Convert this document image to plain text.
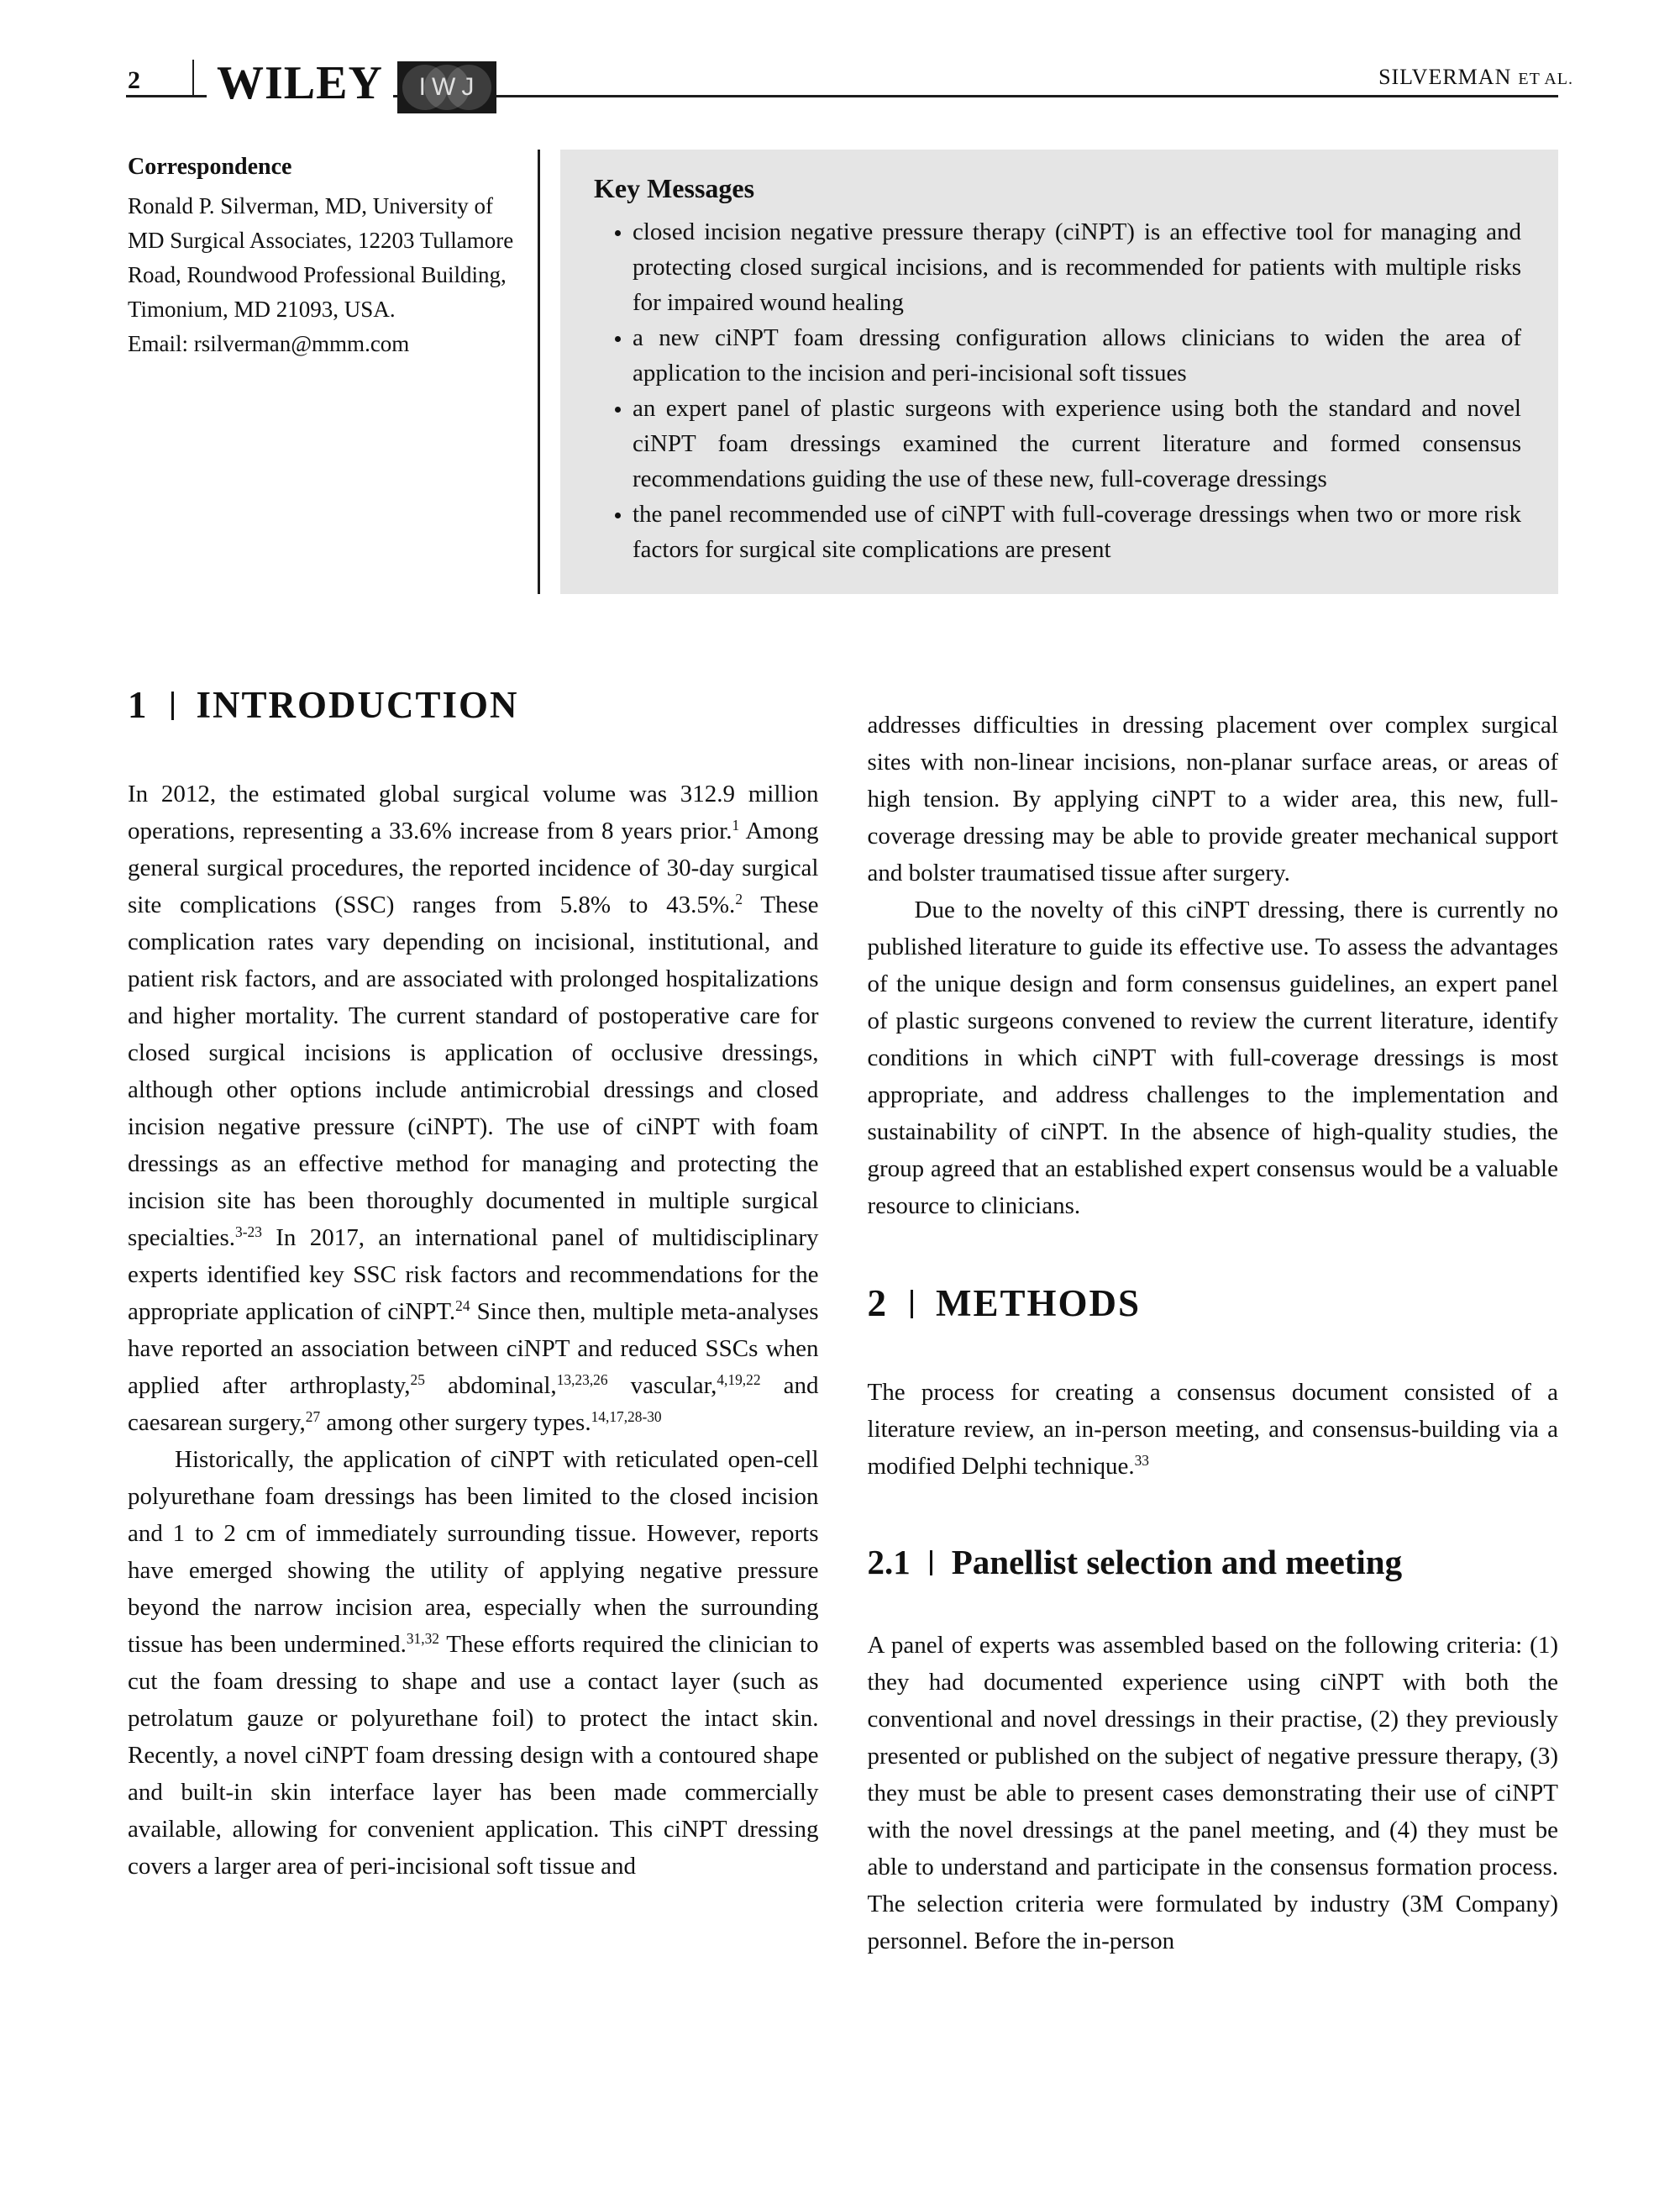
2 WILEY	IWJ	SILVERMAN ET AL.
Correspondence
Ronald P. Silverman, MD, University of
MD Surgical Associates, 12203 Tullamore
Road, Roundwood Professional Building,
Timonium, MD 21093, USA.
Email: rsilverman@mmm.com
Key Messages
• closed incision negative pressure therapy (ciNPT) is an effective tool for managing and protecting closed surgical incisions, and is recommended for patients with multiple risks for impaired wound healing
• a new ciNPT foam dressing configuration allows clinicians to widen the area of application to the incision and peri-incisional soft tissues
• an expert panel of plastic surgeons with experience using both the standard and novel ciNPT foam dressings examined the current literature and formed consensus recommendations guiding the use of these new, full-coverage dressings
• the panel recommended use of ciNPT with full-coverage dressings when two or more risk factors for surgical site complications are present
1 INTRODUCTION

In 2012, the estimated global surgical volume was 312.9 million operations, representing a 33.6% increase from 8 years prior.$^1$ Among general surgical procedures, the reported incidence of 30-day surgical site complications (SSC) ranges from 5.8% to 43.5%.$^2$ These complication rates vary depending on incisional, institutional, and patient risk factors, and are associated with prolonged hospitalizations and higher mortality. The current standard of postoperative care for closed surgical incisions is application of occlusive dressings, although other options include antimicrobial dressings and closed incision negative pressure (ciNPT). The use of ciNPT with foam dressings as an effective method for managing and protecting the incision site has been thoroughly documented in multiple surgical specialties.$^{3-23}$ In 2017, an international panel of multidisciplinary experts identified key SSC risk factors and recommendations for the appropriate application of ciNPT.$^{24}$ Since then, multiple meta-analyses have reported an association between ciNPT and reduced SSCs when applied after arthroplasty,$^{25}$ abdominal,$^{13,23,26}$ vascular,$^{4,19,22}$ and caesarean surgery,$^{27}$ among other surgery types.$^{14,17,28-30}$

Historically, the application of ciNPT with reticulated open-cell polyurethane foam dressings has been limited to the closed incision and 1 to 2 cm of immediately surrounding tissue. However, reports have emerged showing the utility of applying negative pressure beyond the narrow incision area, especially when the surrounding tissue has been undermined.$^{31,32}$ These efforts required the clinician to cut the foam dressing to shape and use a contact layer (such as petrolatum gauze or polyurethane foil) to protect the intact skin. Recently, a novel ciNPT foam dressing design with a contoured shape and built-in skin interface layer has been made commercially available, allowing for convenient application. This ciNPT dressing covers a larger area of peri-incisional soft tissue and

addresses difficulties in dressing placement over complex surgical sites with non-linear incisions, non-planar surface areas, or areas of high tension. By applying ciNPT to a wider area, this new, full-coverage dressing may be able to provide greater mechanical support and bolster traumatised tissue after surgery.

Due to the novelty of this ciNPT dressing, there is currently no published literature to guide its effective use. To assess the advantages of the unique design and form consensus guidelines, an expert panel of plastic surgeons convened to review the current literature, identify conditions in which ciNPT with full-coverage dressings is most appropriate, and address challenges to the implementation and sustainability of ciNPT. In the absence of high-quality studies, the group agreed that an established expert consensus would be a valuable resource to clinicians.

2 METHODS

The process for creating a consensus document consisted of a literature review, an in-person meeting, and consensus-building via a modified Delphi technique.$^{33}$

2.1 Panellist selection and meeting

A panel of experts was assembled based on the following criteria: (1) they had documented experience using ciNPT with both the conventional and novel dressings in their practise, (2) they previously presented or published on the subject of negative pressure therapy, (3) they must be able to present cases demonstrating their use of ciNPT with the novel dressings at the panel meeting, and (4) they must be able to understand and participate in the consensus formation process. The selection criteria were formulated by industry (3M Company) personnel. Before the in-person
